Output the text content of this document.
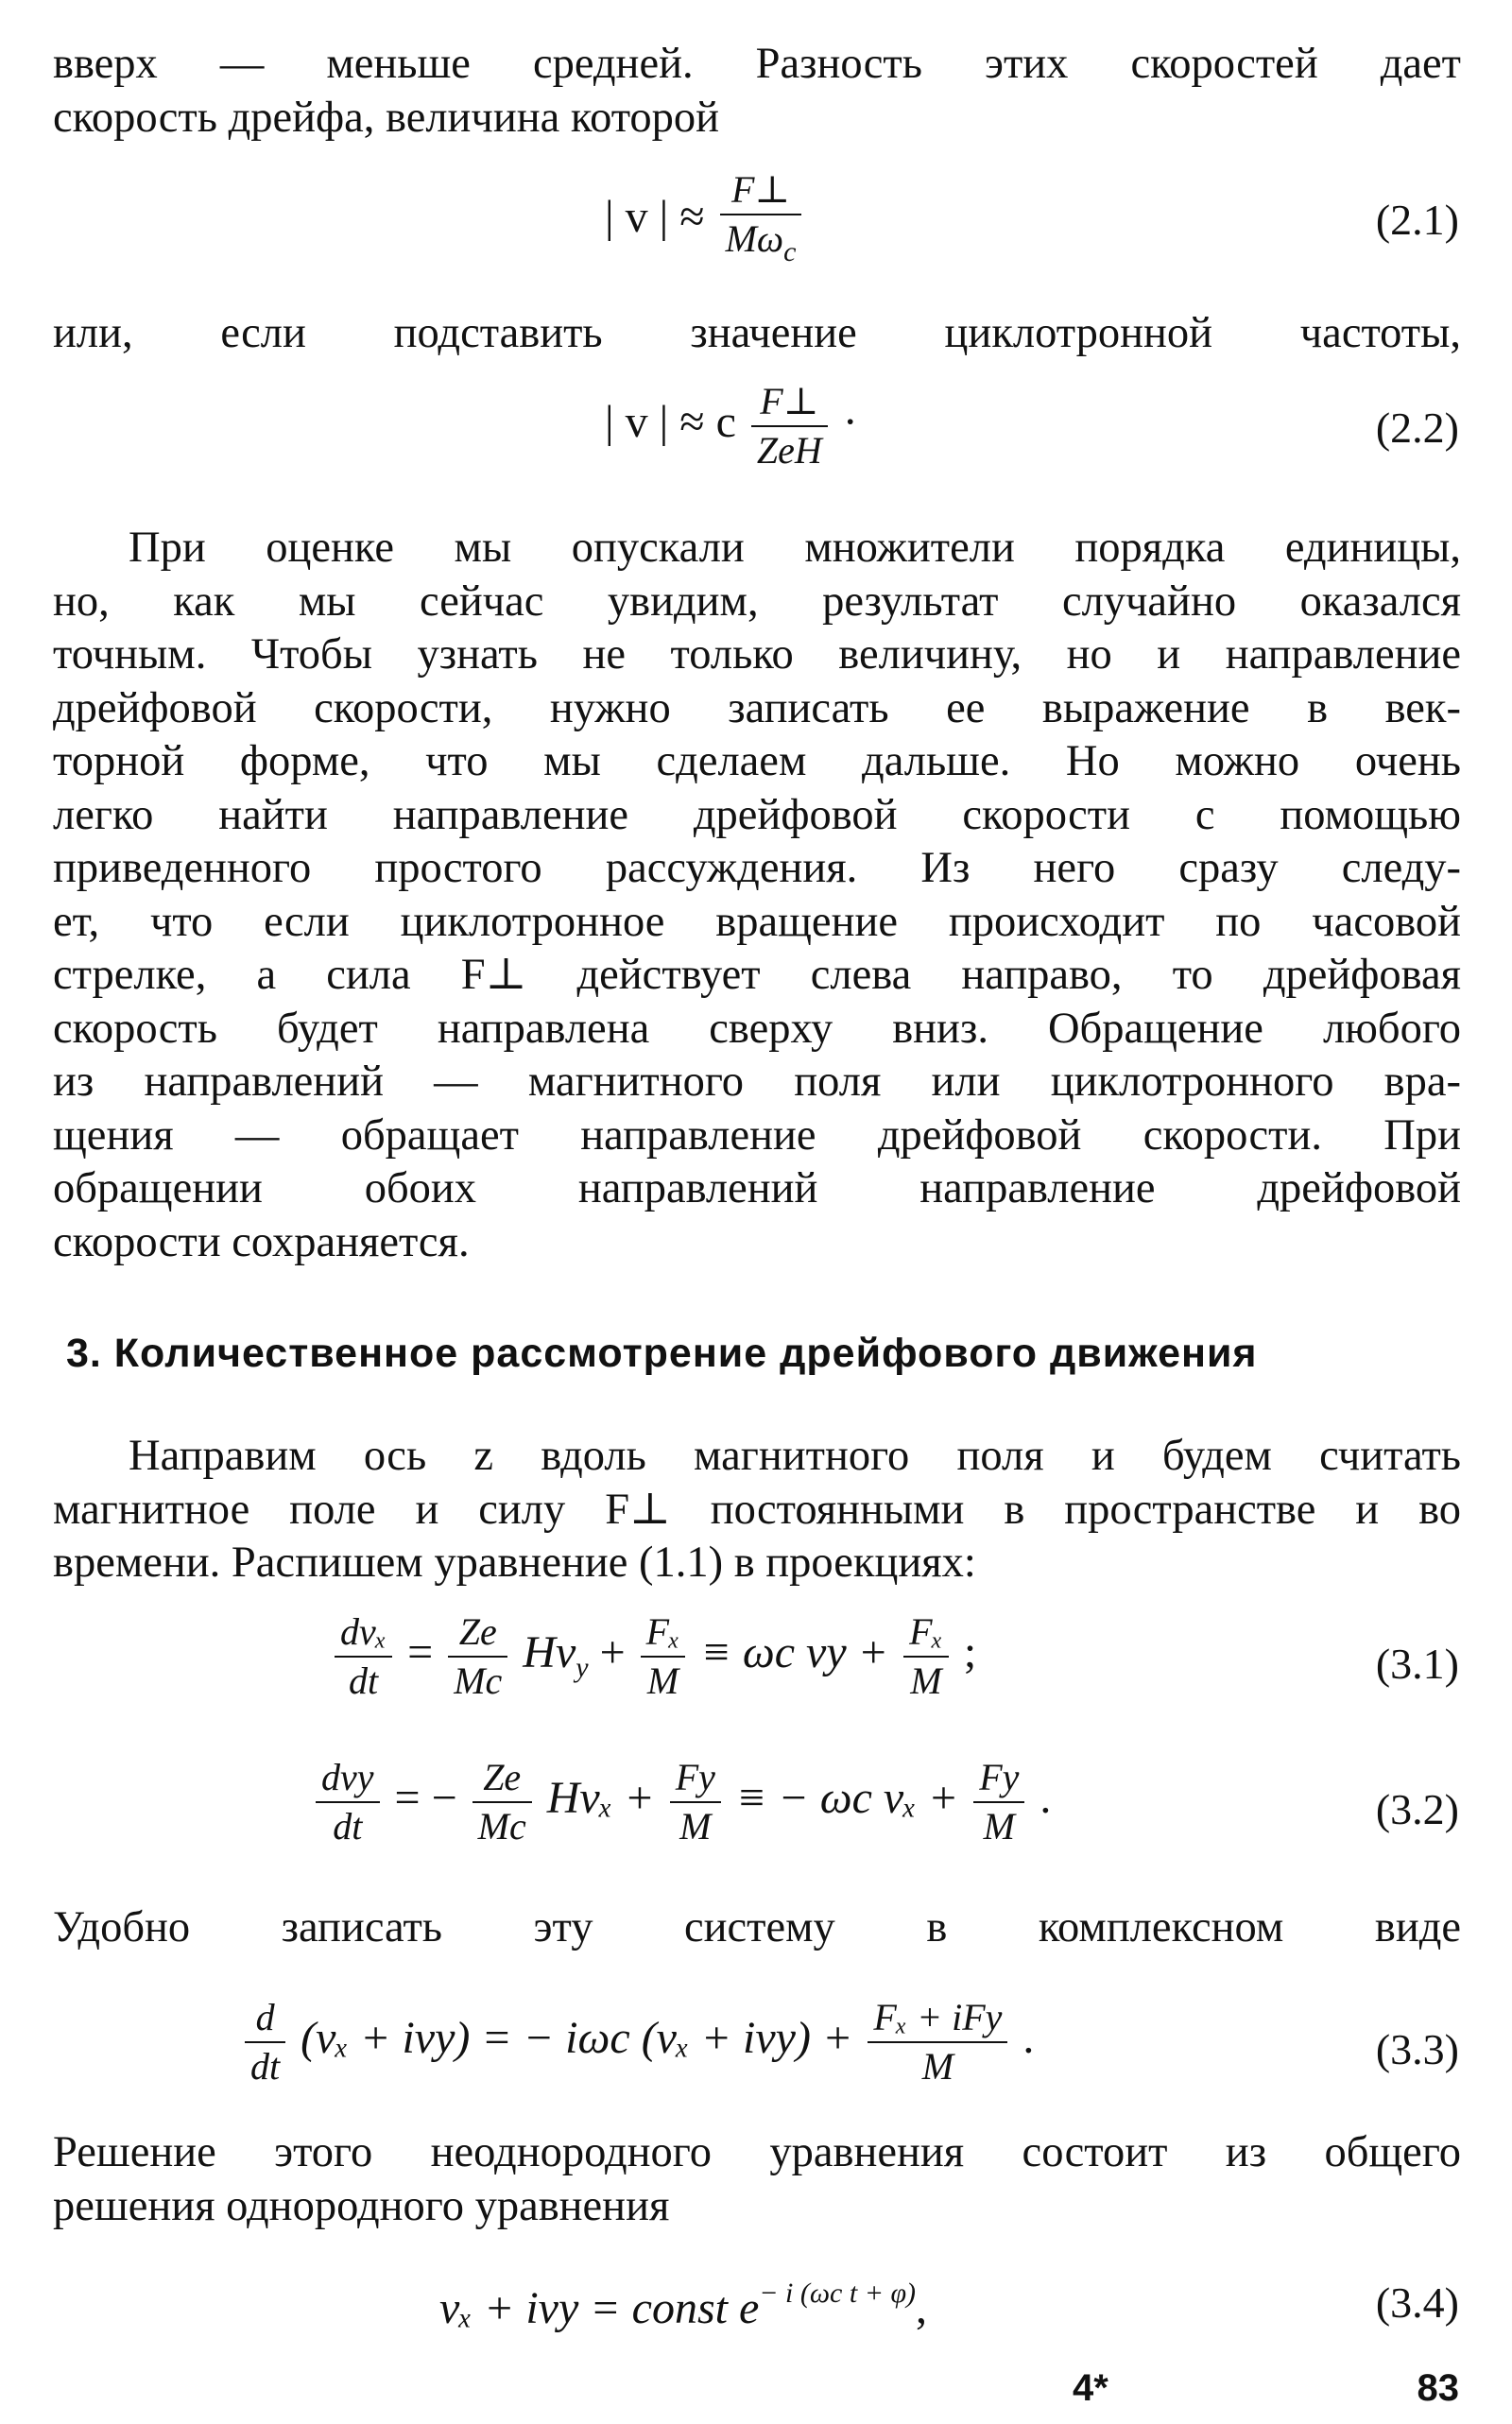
вверх — меньше средней. Разность этих скоростей дает
скорость дрейфа, величина которой

| v | ≈ $\frac{F\perp}{M\omega_c}$	(2.1)

или, если подставить значение циклотронной частоты,

| v | ≈ c $\frac{F\perp}{\text{ZeH}}$ ·	(2.2)

При оценке мы опускали множители порядка единицы,
но, как мы сейчас увидим, результат случайно оказался
точным. Чтобы узнать не только величину, но и направление
дрейфовой скорости, нужно записать ее выражение в век-
торной форме, что мы сделаем дальше. Но можно очень
легко найти направление дрейфовой скорости с помощью
приведенного простого рассуждения. Из него сразу следу-
ет, что если циклотронное вращение происходит по часовой
стрелке, а сила F⊥ действует слева направо, то дрейфовая
скорость будет направлена сверху вниз. Обращение любого
из направлений — магнитного поля или циклотронного вра-
щения — обращает направление дрейфовой скорости. При
обращении обоих направлений направление дрейфовой
скорости сохраняется.

3. Количественное рассмотрение дрейфового движения

Направим ось z вдоль магнитного поля и будем считать
магнитное поле и силу F⊥ постоянными в пространстве и во
времени. Распишем уравнение (1.1) в проекциях:

$\frac{\text{dvₓ}}{dt} = \frac{Ze}{Mc} Hv_y + \frac{\text{Fₓ}}{M} \equiv \omega c$ vy + $\frac{\text{Fₓ}}{M}$ ;	(3.1)
$\frac{\text{dvy}}{dt}$ = − $\frac{Ze}{Mc}$ $Hv_x + \frac{Fy}{M}$ ≡ − ωc $v_x + \frac{Fy}{M}$ .	(3.2)

Удобно записать эту систему в комплексном виде

$\frac{d}{dt} (v_x + ivy)$ = − iωc $(v_x + ivy) + \frac{\text{Fₓ + iFy}}{M}$ .	(3.3)

Решение этого неоднородного уравнения состоит из общего
решения однородного уравнения

vₓ + ivy = const $e^{- i (\omega c t + \varphi)}$,	(3.4)
4*	83
